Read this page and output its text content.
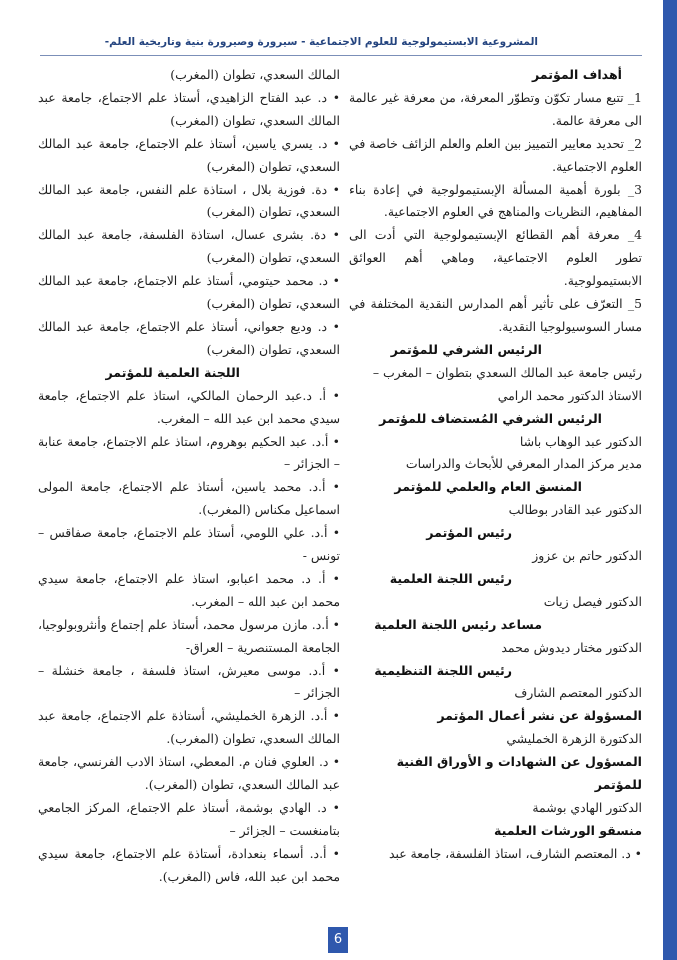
المشروعية الابستيمولوجية للعلوم الاجتماعية - سيرورة وصيرورة بنية وتاريخية العلم-

أهداف المؤتمر

1_ تتبع مسار تكوّن وتطوّر المعرفة، من معرفة غير عالمة الى معرفة عالمة.

2_ تحديد معايير التمييز بين العلم والعلم الزائف خاصة في العلوم الاجتماعية.

3_ بلورة أهمية المسألة الإبستيمولوجية في إعادة بناء المفاهيم، النظريات والمناهج في العلوم الاجتماعية.

4_ معرفة أهم القطائع الإبستيمولوجية التي أدت الى تطور العلوم الاجتماعية، وماهي أهم العوائق الابستيمولوجية.

5_ التعرّف على تأثير أهم المدارس النقدية المختلفة في مسار السوسيولوجيا النقدية.

الرئيس الشرفي للمؤتمر

رئيس جامعة عبد المالك السعدي بتطوان – المغرب –

الاستاذ الدكتور محمد الرامي

الرئيس الشرفي المُستضاف للمؤتمر

الدكتور عبد الوهاب باشا

مدير مركز المدار المعرفي للأبحاث والدراسات

المنسق العام والعلمي للمؤتمر

الدكتور عبد القادر بوطالب

رئيس المؤتمر

الدكتور حاتم بن عزوز

رئيس اللجنة العلمية

الدكتور فيصل زيات

مساعد رئيس اللجنة العلمية

الدكتور مختار ديدوش محمد

رئيس اللجنة التنظيمية

الدكتور المعتصم الشارف

المسؤولة عن نشر أعمال المؤتمر

الدكتورة الزهرة الخمليشي

المسؤول عن الشهادات و الأوراق الفنية للمؤتمر

الدكتور الهادي بوشمة

منسقو الورشات العلمية

• د. المعتصم الشارف، استاذ الفلسفة، جامعة عبد

المالك السعدي، تطوان (المغرب)

• د. عبد الفتاح الزاهيدي، أستاذ علم الاجتماع، جامعة عبد المالك السعدي، تطوان (المغرب)

• د. يسري ياسين، أستاذ علم الاجتماع، جامعة عبد المالك السعدي، تطوان (المغرب)

• دة. فوزية بلال ، استاذة علم النفس، جامعة عبد المالك السعدي، تطوان (المغرب)

• دة. بشرى عسال، استاذة الفلسفة، جامعة عبد المالك السعدي، تطوان (المغرب)

• د. محمد حيتومي، أستاذ علم الاجتماع، جامعة عبد المالك السعدي، تطوان (المغرب)

• د. وديع جعواني، أستاذ علم الاجتماع، جامعة عبد المالك السعدي، تطوان (المغرب)

اللجنة العلمية للمؤتمر

• أ. د.عبد الرحمان المالكي، استاذ علم الاجتماع، جامعة سيدي محمد ابن عبد الله – المغرب.

• أ.د. عبد الحكيم بوهروم، استاذ علم الاجتماع، جامعة عنابة – الجزائر –

• أ.د. محمد ياسين، أستاذ علم الاجتماع، جامعة المولى اسماعيل مكناس (المغرب).

• أ.د. علي اللومي، أستاذ علم الاجتماع، جامعة صفاقس – تونس -

• أ. د. محمد اعبابو، استاذ علم الاجتماع، جامعة سيدي محمد ابن عبد الله – المغرب.

• أ.د. مازن مرسول محمد، أستاذ علم إجتماع وأنثروبولوجيا، الجامعة المستنصرية – العراق-

• أ.د. موسى معيرش، استاذ فلسفة ، جامعة خنشلة – الجزائر –

• أ.د. الزهرة الخمليشي، أستاذة علم الاجتماع، جامعة عبد المالك السعدي، تطوان (المغرب).

• د. العلوي فنان م. المعطي، استاذ الادب الفرنسي، جامعة عبد المالك السعدي، تطوان (المغرب).

• د. الهادي بوشمة، أستاذ علم الاجتماع، المركز الجامعي بتامنغست – الجزائر –

• أ.د. أسماء بنعدادة، أستاذة علم الاجتماع، جامعة سيدي محمد ابن عبد الله، فاس (المغرب).

6
